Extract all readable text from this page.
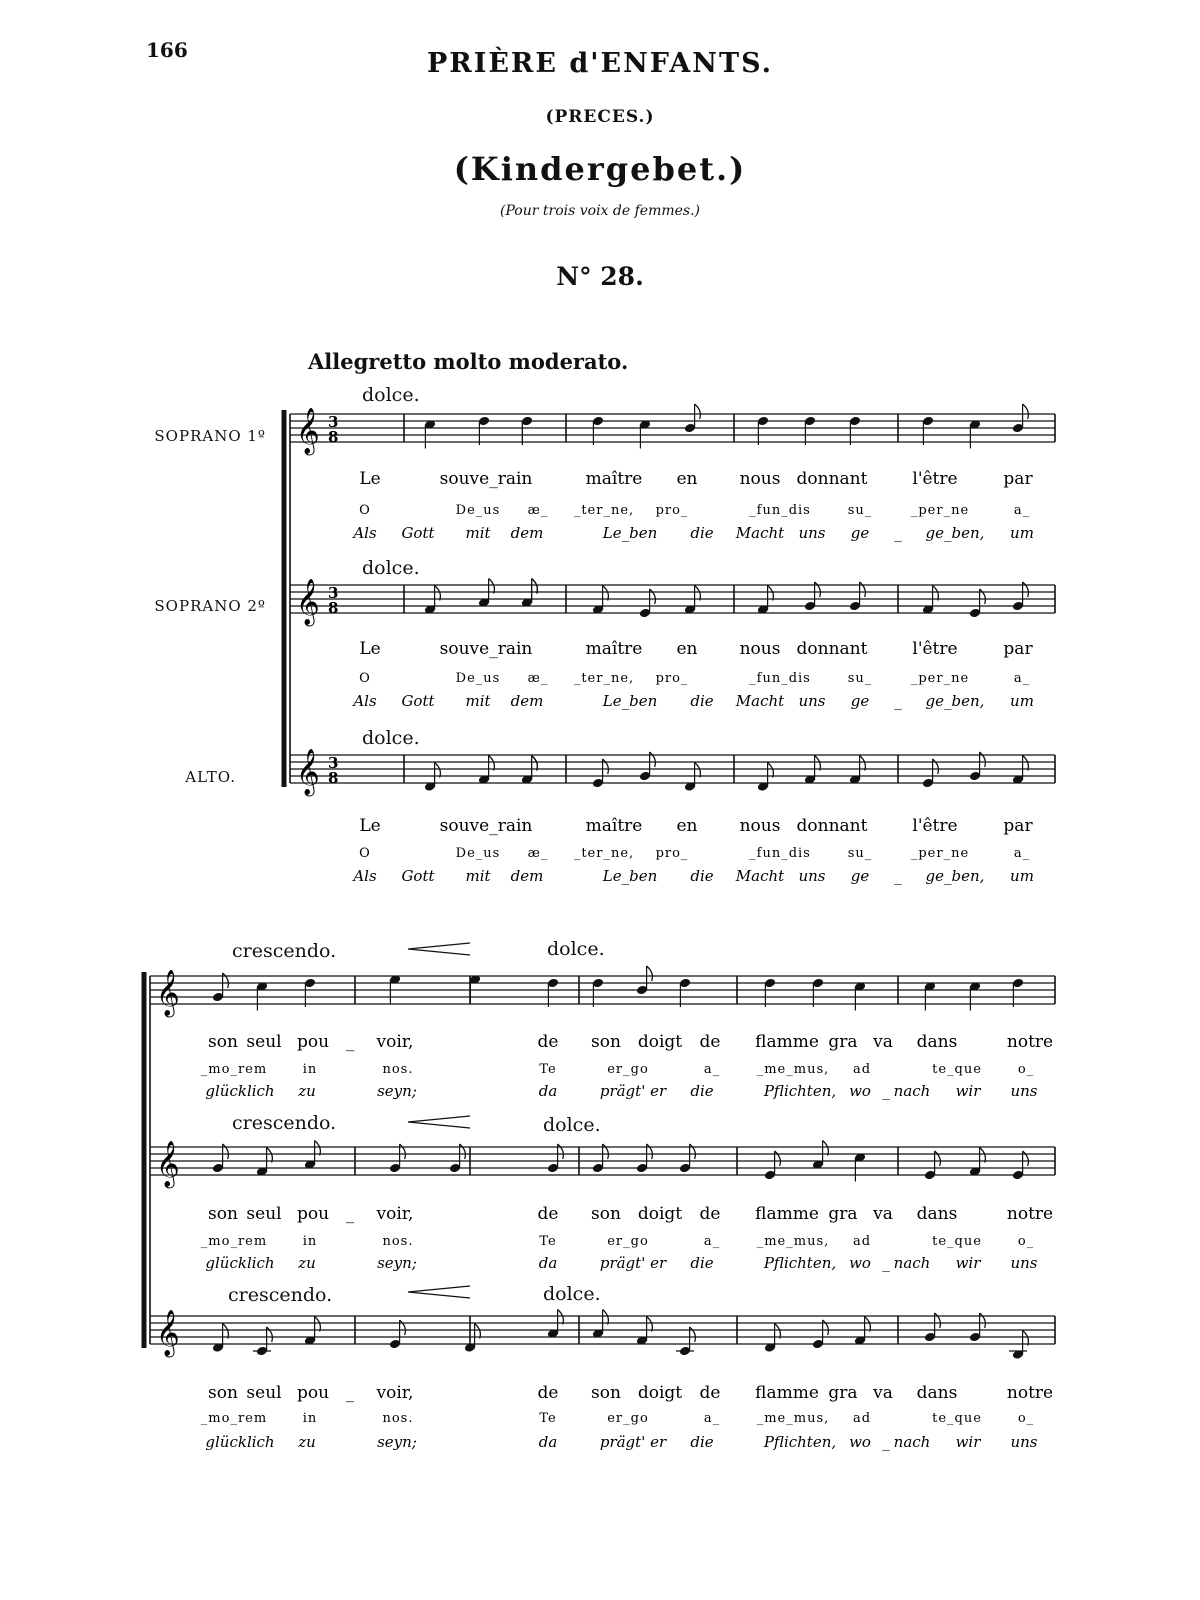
166	PRIÈRE d'ENFANTS.
(PRECES.)
(Kindergebet.)
(Pour trois voix de femmes.)
N° 28.
Allegretto molto moderato.
SOPRANO 1º
SOPRANO 2º
ALTO.
dolce.
dolce.
dolce.
crescendo.	dolce.
crescendo.	dolce.
crescendo.	dolce.
𝄞 3
8
𝄞 3
8
𝄞 3
8
𝄞
𝄞
𝄞
Le	souve_rain	maître en nous donnant	l'être	par
O	De_us æ_ _ter_ne, pro_	_fun_dis	su_	_per_ne	a_
Als Gott mit dem	Le_ben die Macht uns ge _ ge_ben, um
Le	souve_rain	maître en nous donnant	l'être	par
O	De_us æ_ _ter_ne, pro_	_fun_dis	su_	_per_ne	a_
Als Gott mit dem	Le_ben die Macht uns ge _ ge_ben, um
Le	souve_rain	maître en nous donnant	l'être	par
O	De_us æ_ _ter_ne, pro_	_fun_dis	su_	_per_ne	a_
Als Gott mit dem	Le_ben die Macht uns ge _ ge_ben, um
son seul pou _ voir,	de son doigt de flamme gra va dans	notre
_mo_rem	in	nos.	Te	er_go	a_	_me_mus, ad	te_que	o_
glücklich zu	seyn;	da	prägt' er die	Pflichten, wo _ nach wir uns
son seul pou _ voir,	de son doigt de flamme gra va dans	notre
_mo_rem	in	nos.	Te	er_go	a_	_me_mus, ad	te_que	o_
glücklich zu	seyn;	da	prägt' er die	Pflichten, wo _ nach wir uns
son seul pou _ voir,	de son doigt de flamme gra va dans	notre
_mo_rem	in	nos.	Te	er_go	a_	_me_mus, ad	te_que	o_
glücklich zu	seyn;	da	prägt' er die	Pflichten, wo _ nach wir uns
